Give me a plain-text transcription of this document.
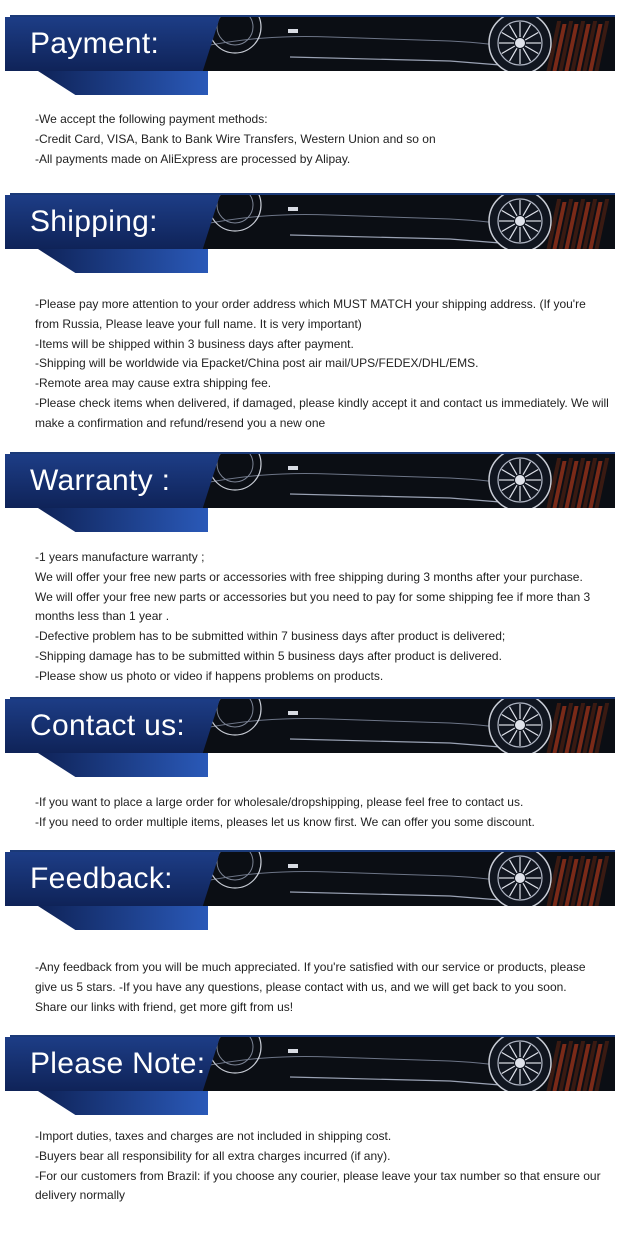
Payment:

-We accept the following payment methods:

-Credit Card, VISA, Bank to Bank Wire Transfers, Western Union and so on

-All payments made on AliExpress are processed by Alipay.

Shipping:

-Please pay more attention to your order address which MUST MATCH your shipping address. (If you're from Russia, Please leave your full name. It is very important)

-Items will be shipped within 3 business days after payment.

-Shipping will be worldwide via Epacket/China post air mail/UPS/FEDEX/DHL/EMS.

-Remote area may cause extra shipping fee.

-Please check items when delivered, if damaged, please kindly accept it and contact us immediately. We will make a confirmation and refund/resend you a new one

Warranty :

-1 years manufacture warranty ;

We will offer your free new parts or accessories with free shipping during 3 months after your purchase.

We will offer your free new parts or accessories but you need to pay for some shipping fee if more than 3 months less than 1 year .

-Defective problem has to be submitted within 7 business days after product is delivered;

-Shipping damage has to be submitted within 5 business days after product is delivered.

-Please show us photo or video if happens problems on products.

Contact us:

-If you want to place a large order for wholesale/dropshipping, please feel free to contact us.

-If you need to order multiple items, pleases let us know first. We can offer you some discount.

Feedback:

-Any feedback from you will be much appreciated. If you're satisfied with our service or products, please give us 5 stars. -If you have any questions, please contact with us, and we will get back to you soon.

Share our links with friend, get more gift from us!

Please Note:

-Import duties, taxes and charges are not included in shipping cost.

-Buyers bear all responsibility for all extra charges incurred (if any).

-For our customers from Brazil: if you choose any courier, please leave your tax number so that ensure our delivery normally
